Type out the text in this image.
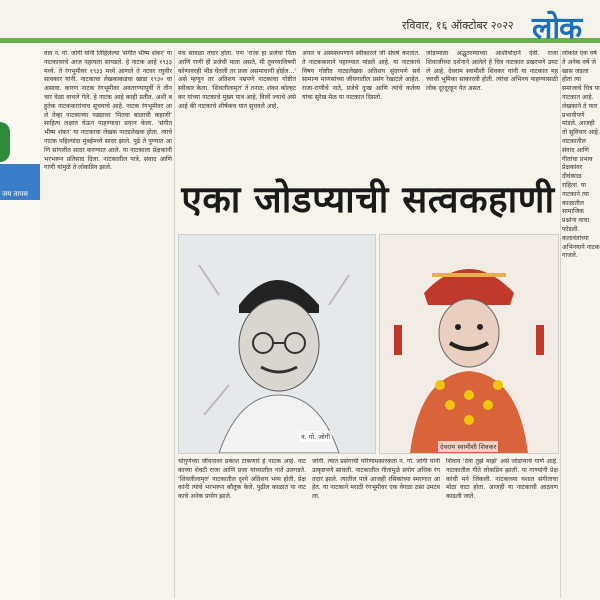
रविवार, १६ ऑक्टोबर २०२२ लोक
जय तापस
वाव न. गो. जोगी यांनी लिहिलेल्या 'संगीत भीष्म शंकर' या नाटकावरचे आज पहायला सापडले. हे नाटक आहे १९३३ मध्ये. ते रंगभूमीवर १९३३ मध्ये आणले ते नटवर रघुवीर सावकार यांनी. नाटकाचा लेखकाकडचा खाडा १९३० चा असावा. कारण नाटक रंगभूमीवर अवतरण्यापूर्वी ते तीन चार वेळा वाचले गेले. हे नाटक आहे काही प्रतीत. अशी बहुतेक नाटककारांनाच सूचवाचे आहे. नाटक रंगभूमीवर आले तेव्हा नाटकाच्या पडद्यावर 'पितवा बाळाची कहाणी' साहित्य लक्षात घेऊन पाहण्याचा प्रयत्न केला. 'संगीत भीष्म शंकर' या नाटकाचा लेखक नाट्यलेखक होता. त्याचे नाटक पहिल्यांदा मुंबईमध्ये सादर झाले. पुढे ते पुण्यात आणि सांगलीत सादर करण्यात आले. या नाटकाला प्रेक्षकांनी भरभरून प्रतिसाद दिला. नाटकातील पात्रे, संवाद आणि गाणी यांमुळे ते लोकप्रिय झाले.
मंच सावळा तयार होता. पण 'राजा हा प्रजेचा पिता आणि राणी ही प्रजेची माता असते, मी तुमच्याविषयी कोणावरही भीड घेतली तर प्रजा असमाधानी होईल...' असे म्हणून तर अतिशय नम्रपणे नाटकाचा गोष्टीत स्वीकार केला. 'शिवलीलामृत' ते तनात: शंकर कोल्हटकर यांच्या नाटकाचे मुख्य पात्र आहे. विलो ज्याचे असे आहे की नाटकाचे शीर्षकच यात सुचवले आहे.
अपार व अस्वस्थपणाने स्वीकारले जी संघर्ष करतात. ते नाटककाराने पहाण्यात मांडले आहे. या नाटकाचे विषय गोष्टीत नाट्यलेखक अतिशय सुंदरपणे सर्वसामान्य माणसांच्या जीवनातील प्रसंग रेखाटले आहेत. राजा-राणीचे नाते, प्रजेचे दुःख आणि त्यांचे कर्तव्य यांचा सुरेख मेळ या नाटकात दिसतो.
जोडप्याला अद्भुतरम्याच्या आशीर्वादाने देवी. राजा शिवाजींच्या दर्शनाने आलेले हे चित्र नाटकात प्रखरपणे उमटले आहे. देवराम स्वामीशी शिवकर यांनी या नाटकात महत्त्वाची भूमिका साकारली होती. त्यांचा अभिनय पाहण्यासाठी लोक दूरदूरहून येत असत.
एका जोडप्याची सत्वकहाणी
न. गो. जोगी
देवराम स्वामीशी शिवकर
चांगुणेच्या जीवनावर प्रकाश टाकणारे हे नाटक आहे. नाटकाच्या शेवटी राजा आणि प्रजा यांच्यातील नाते उलगडते. 'शिवलीलामृत' नाटकातील दृश्ये अतिशय भव्य होती. प्रेक्षकांनी त्यांचे भरभरून कौतुक केले. पुढील काळात या नाटकाचे अनेक प्रयोग झाले.
जोगी. त्यात प्रसंगाची परिणामकारकता न. गो. जोगी यांनी उत्कृष्टपणे साधली. नाटकातील गीतांमुळे प्रयोग अधिक रंगतदार झाले. त्यातील पात्रे आजही रसिकांच्या स्मरणात आहेत. या नाटकाने मराठी रंगभूमीवर एक वेगळा ठसा उमटवला.
शिवाय 'देवा तुझे माझे' असे जोडप्याचे गाणे आहे. नाटकातील गीते लोकप्रिय झाली. या गाण्यांनी प्रेक्षकांची मने जिंकली. नाटकाच्या यशात संगीताचा मोठा वाटा होता. आजही या नाटकाची आठवण काढली जाते.
लोकांत एक वर्ष ते अनेक वर्षे जे खास जडला होता त्या समाजाचे चित्र या नाटकात आहे. लेखकाने ते फार प्रभावीपणे मांडले. आजही तो सुविचार आहे. नाटकातील संवाद आणि गीतांचा प्रभाव प्रेक्षकांवर दीर्घकाळ राहिला. या नाटकाने त्या काळातील सामाजिक प्रश्नांना वाचा फोडली. कलावंतांच्या अभिनयाने नाटक गाजले.
